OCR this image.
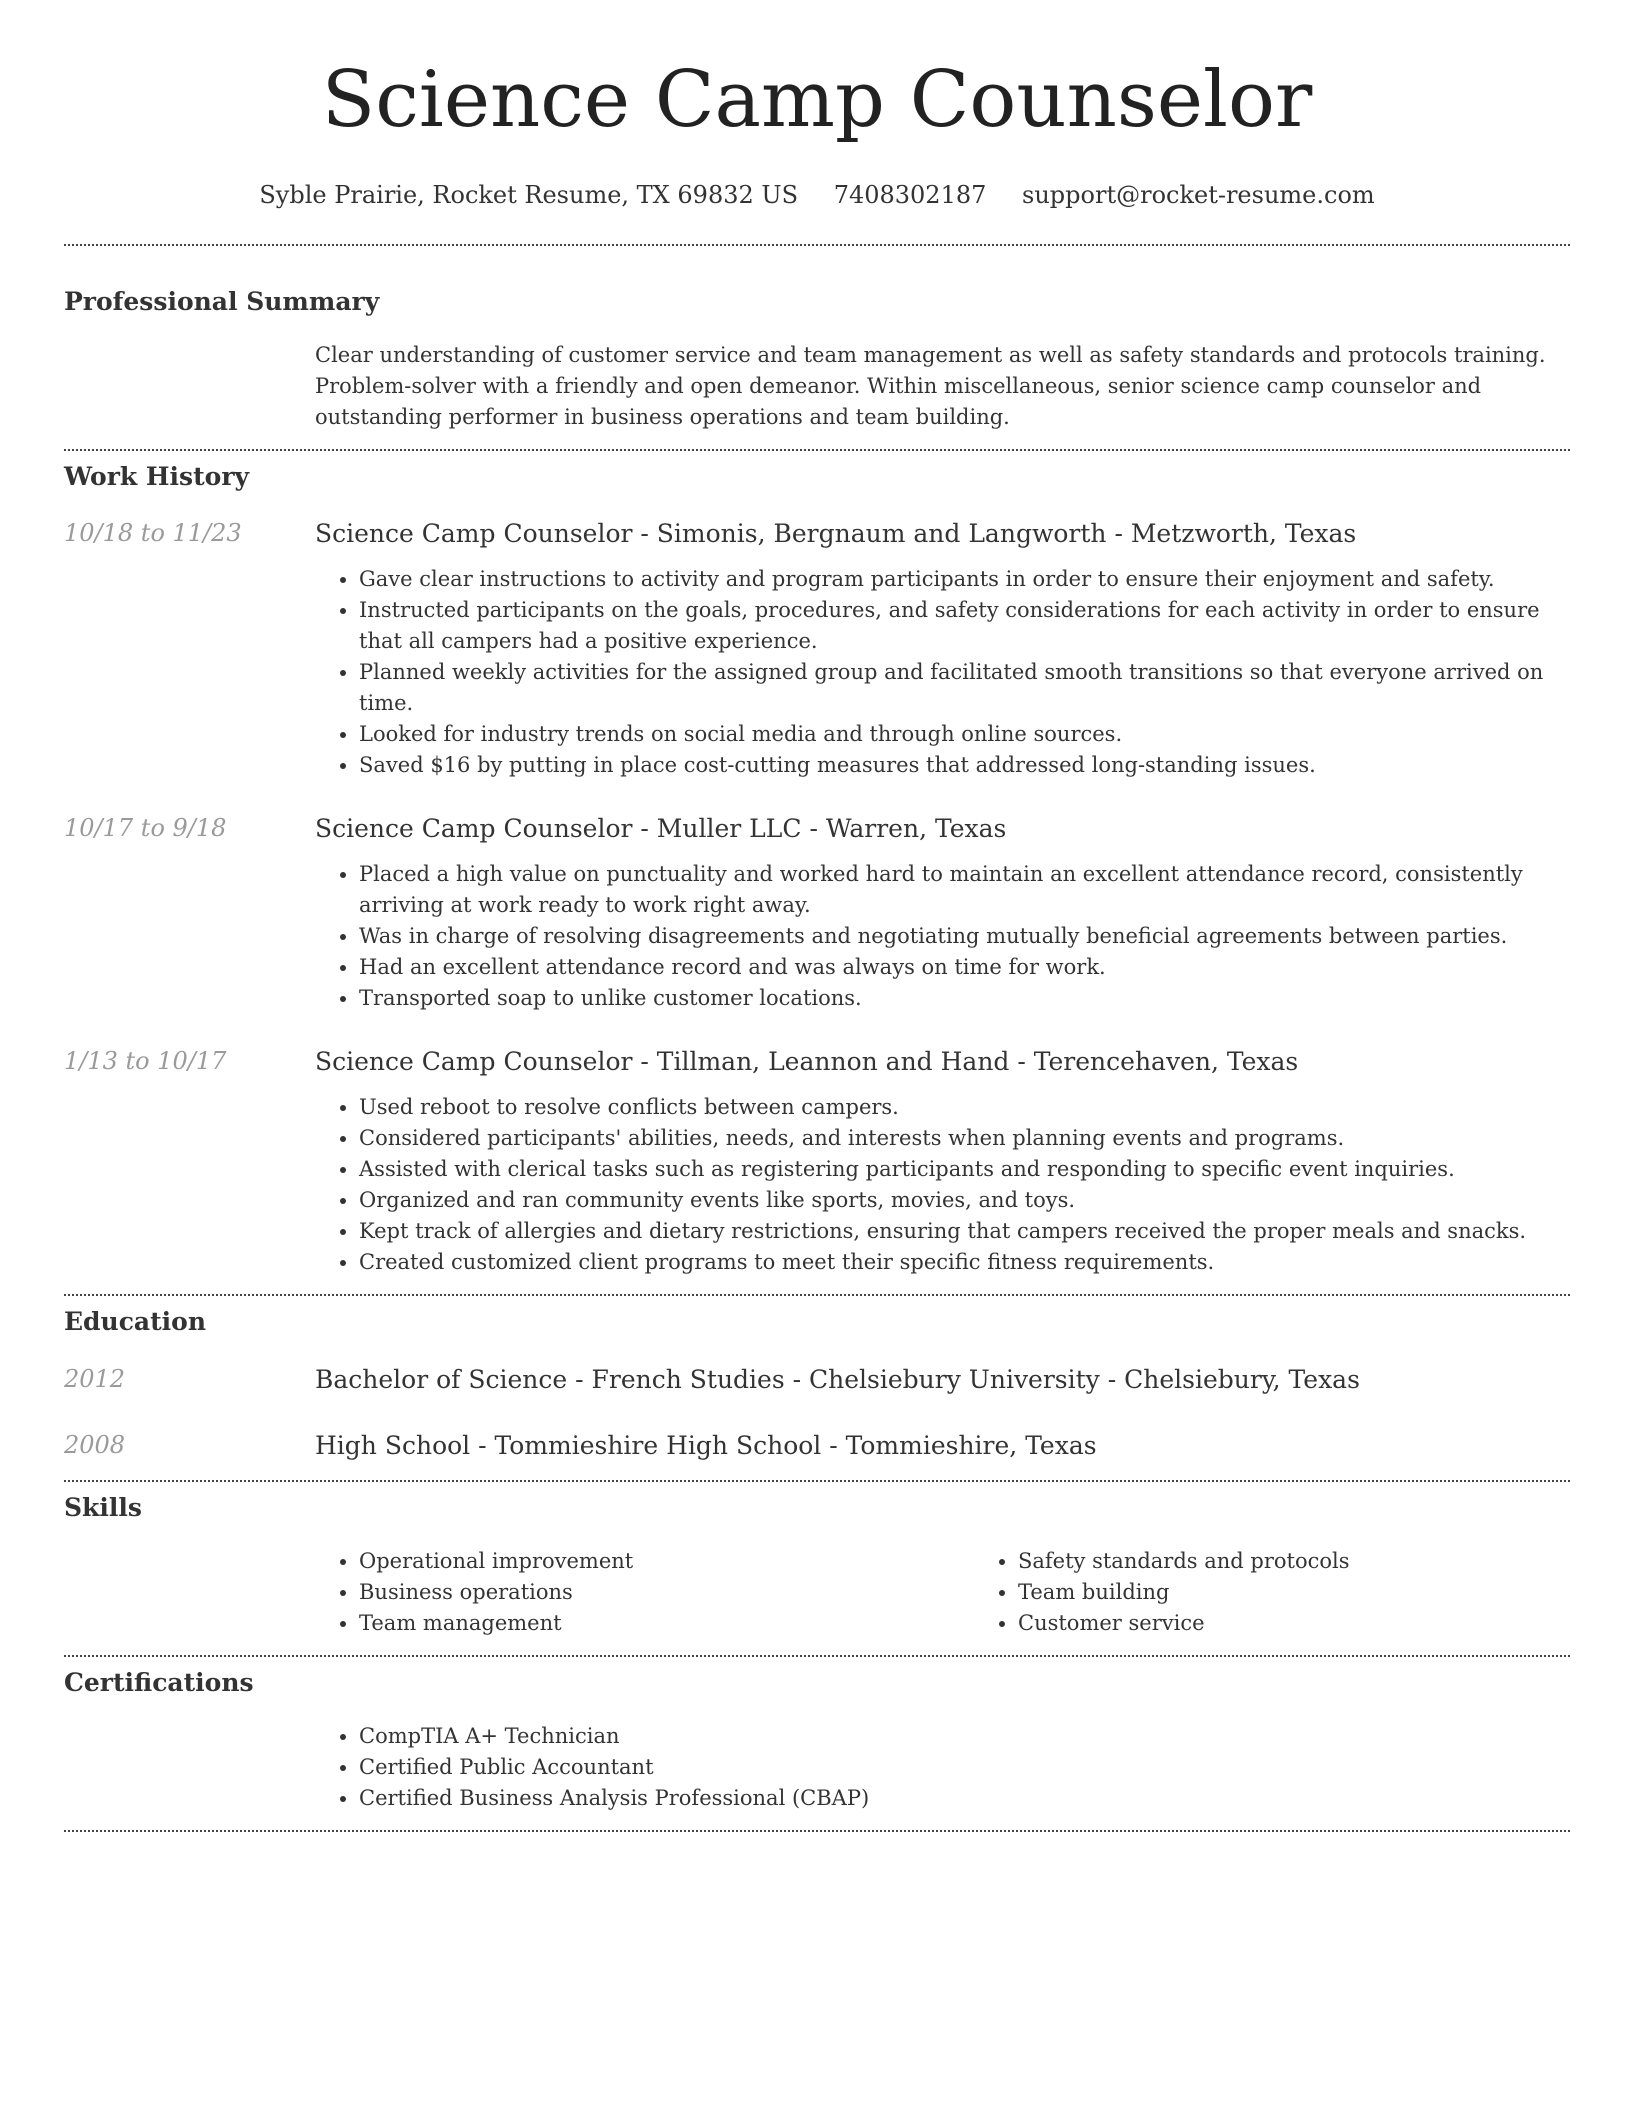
Science Camp Counselor
Syble Prairie, Rocket Resume, TX 69832 US 7408302187 support@rocket-resume.com
Professional Summary
Clear understanding of customer service and team management as well as safety standards and protocols training. Problem-solver with a friendly and open demeanor. Within miscellaneous, senior science camp counselor and outstanding performer in business operations and team building.
Work History
10/18 to 11/23	Science Camp Counselor - Simonis, Bergnaum and Langworth - Metzworth, Texas
• Gave clear instructions to activity and program participants in order to ensure their enjoyment and safety.
• Instructed participants on the goals, procedures, and safety considerations for each activity in order to ensure that all campers had a positive experience.
• Planned weekly activities for the assigned group and facilitated smooth transitions so that everyone arrived on time.
• Looked for industry trends on social media and through online sources.
• Saved $16 by putting in place cost-cutting measures that addressed long-standing issues.
10/17 to 9/18	Science Camp Counselor - Muller LLC - Warren, Texas
• Placed a high value on punctuality and worked hard to maintain an excellent attendance record, consistently arriving at work ready to work right away.
• Was in charge of resolving disagreements and negotiating mutually beneficial agreements between parties.
• Had an excellent attendance record and was always on time for work.
• Transported soap to unlike customer locations.
1/13 to 10/17	Science Camp Counselor - Tillman, Leannon and Hand - Terencehaven, Texas
• Used reboot to resolve conflicts between campers.
• Considered participants' abilities, needs, and interests when planning events and programs.
• Assisted with clerical tasks such as registering participants and responding to specific event inquiries.
• Organized and ran community events like sports, movies, and toys.
• Kept track of allergies and dietary restrictions, ensuring that campers received the proper meals and snacks.
• Created customized client programs to meet their specific fitness requirements.
Education
2012	Bachelor of Science - French Studies - Chelsiebury University - Chelsiebury, Texas
2008	High School - Tommieshire High School - Tommieshire, Texas
Skills
• Operational improvement
• Business operations
• Team management
• Safety standards and protocols
• Team building
• Customer service
Certifications
• CompTIA A+ Technician
• Certified Public Accountant
• Certified Business Analysis Professional (CBAP)
